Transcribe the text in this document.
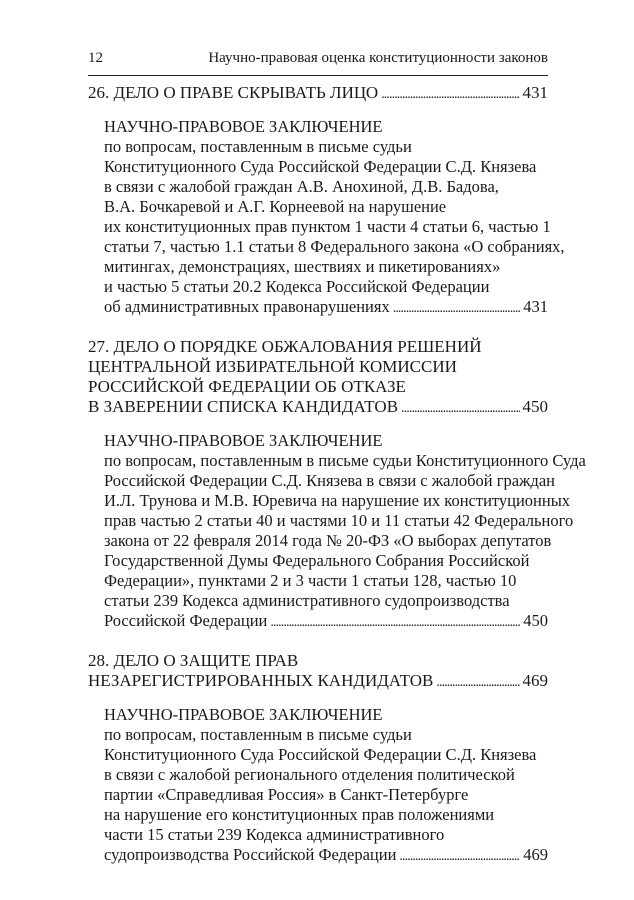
12	Научно-правовая оценка конституционности законов
26. ДЕЛО О ПРАВЕ СКРЫВАТЬ ЛИЦО . . .	431
НАУЧНО-ПРАВОВОЕ ЗАКЛЮЧЕНИЕ
по вопросам, поставленным в письме судьи
Конституционного Суда Российской Федерации С.Д. Князева
в связи с жалобой граждан А.В. Анохиной, Д.В. Бадова,
В.А. Бочкаревой и А.Г. Корнеевой на нарушение
их конституционных прав пунктом 1 части 4 статьи 6, частью 1
статьи 7, частью 1.1 статьи 8 Федерального закона «О собраниях,
митингах, демонстрациях, шествиях и пикетированиях»
и частью 5 статьи 20.2 Кодекса Российской Федерации
об административных правонарушениях . . .	431
27. ДЕЛО О ПОРЯДКЕ ОБЖАЛОВАНИЯ РЕШЕНИЙ
ЦЕНТРАЛЬНОЙ ИЗБИРАТЕЛЬНОЙ КОМИССИИ
РОССИЙСКОЙ ФЕДЕРАЦИИ ОБ ОТКАЗЕ
В ЗАВЕРЕНИИ СПИСКА КАНДИДАТОВ . . .	450
НАУЧНО-ПРАВОВОЕ ЗАКЛЮЧЕНИЕ
по вопросам, поставленным в письме судьи Конституционного Суда
Российской Федерации С.Д. Князева в связи с жалобой граждан
И.Л. Трунова и М.В. Юревича на нарушение их конституционных
прав частью 2 статьи 40 и частями 10 и 11 статьи 42 Федерального
закона от 22 февраля 2014 года № 20-ФЗ «О выборах депутатов
Государственной Думы Федерального Собрания Российской
Федерации», пунктами 2 и 3 части 1 статьи 128, частью 10
статьи 239 Кодекса административного судопроизводства
Российской Федерации . . .	450
28. ДЕЛО О ЗАЩИТЕ ПРАВ
НЕЗАРЕГИСТРИРОВАННЫХ КАНДИДАТОВ . . .	469
НАУЧНО-ПРАВОВОЕ ЗАКЛЮЧЕНИЕ
по вопросам, поставленным в письме судьи
Конституционного Суда Российской Федерации С.Д. Князева
в связи с жалобой регионального отделения политической
партии «Справедливая Россия» в Санкт-Петербурге
на нарушение его конституционных прав положениями
части 15 статьи 239 Кодекса административного
судопроизводства Российской Федерации . . .	469
